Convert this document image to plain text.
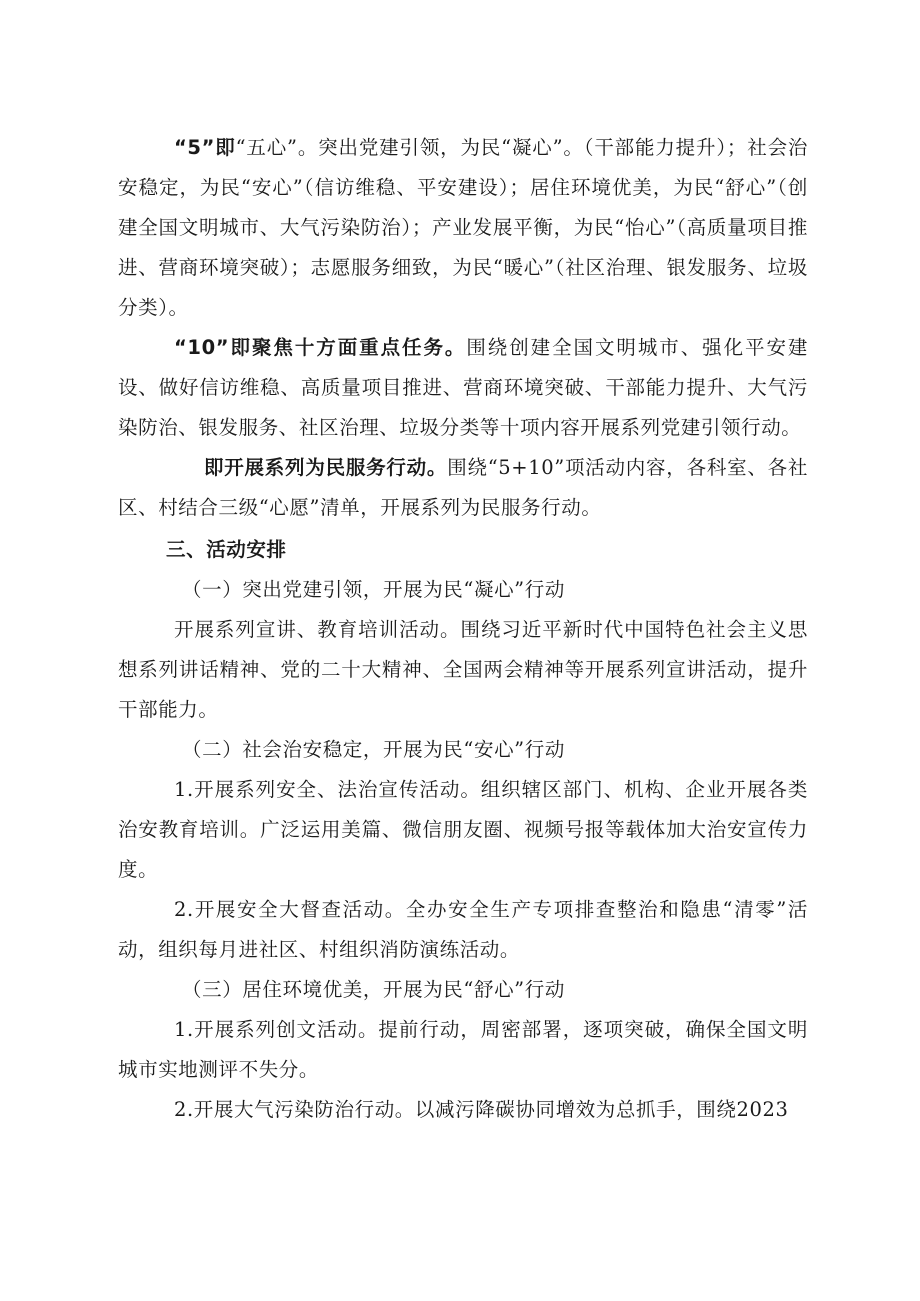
“5”即“五心”。突出党建引领，为民“凝心”。（干部能力提升）；社会治安稳定，为民“安心”（信访维稳、平安建设）；居住环境优美，为民“舒心”（创建全国文明城市、大气污染防治）；产业发展平衡，为民“怡心”（高质量项目推进、营商环境突破）；志愿服务细致，为民“暖心”（社区治理、银发服务、垃圾分类）。

“10”即聚焦十方面重点任务。围绕创建全国文明城市、强化平安建设、做好信访维稳、高质量项目推进、营商环境突破、干部能力提升、大气污染防治、银发服务、社区治理、垃圾分类等十项内容开展系列党建引领行动。

即开展系列为民服务行动。围绕“5+10”项活动内容，各科室、各社区、村结合三级“心愿”清单，开展系列为民服务行动。

三、活动安排

（一）突出党建引领，开展为民“凝心”行动

开展系列宣讲、教育培训活动。围绕习近平新时代中国特色社会主义思想系列讲话精神、党的二十大精神、全国两会精神等开展系列宣讲活动，提升干部能力。

（二）社会治安稳定，开展为民“安心”行动

1.开展系列安全、法治宣传活动。组织辖区部门、机构、企业开展各类治安教育培训。广泛运用美篇、微信朋友圈、视频号报等载体加大治安宣传力度。

2.开展安全大督查活动。全办安全生产专项排查整治和隐患“清零”活动，组织每月进社区、村组织消防演练活动。

（三）居住环境优美，开展为民“舒心”行动

1.开展系列创文活动。提前行动，周密部署，逐项突破，确保全国文明城市实地测评不失分。

2.开展大气污染防治行动。以减污降碳协同增效为总抓手，围绕2023
